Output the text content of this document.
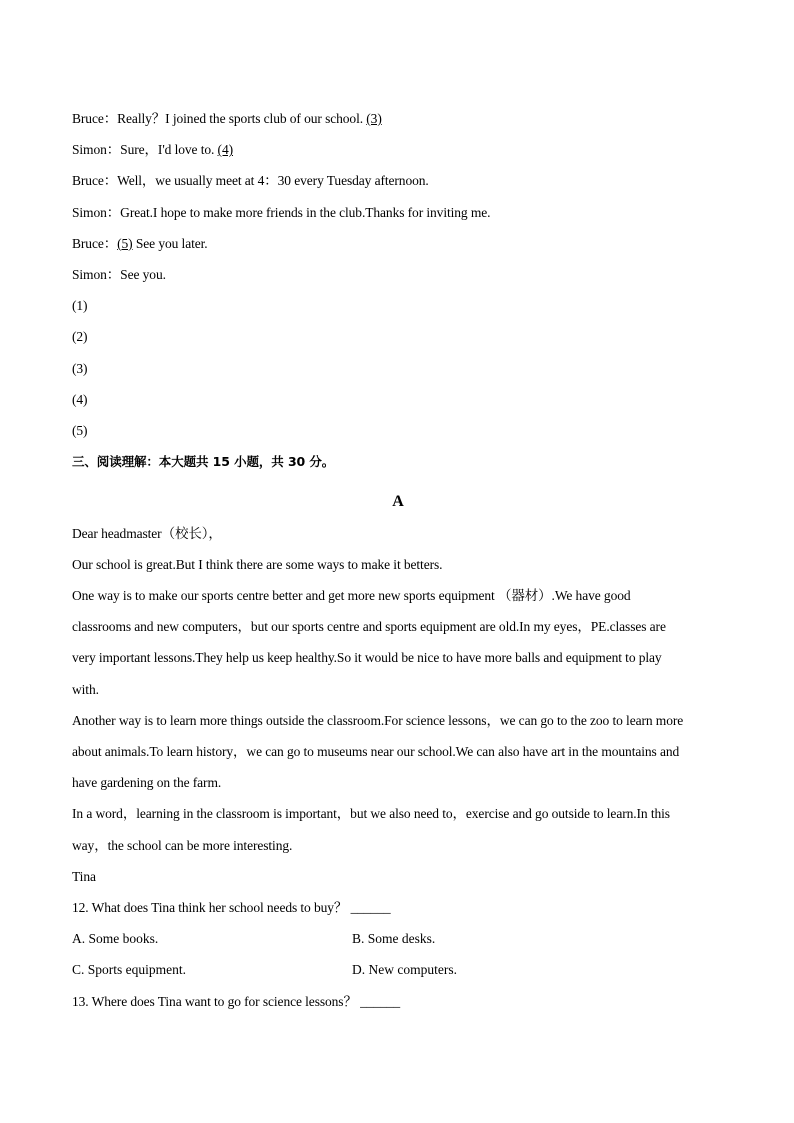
Bruce：Really？I joined the sports club of our school. (3)
Simon：Sure，I'd love to. (4)
Bruce：Well，we usually meet at 4：30 every Tuesday afternoon.
Simon：Great.I hope to make more friends in the club.Thanks for inviting me.
Bruce：(5) See you later.
Simon：See you.
(1)
(2)
(3)
(4)
(5)
三、阅读理解：本大题共 15 小题，共 30 分。
A
Dear headmaster（校长），
Our school is great.But I think there are some ways to make it betters.
One way is to make our sports centre better and get more new sports equipment （器材）.We have good
classrooms and new computers，but our sports centre and sports equipment are old.In my eyes，PE.classes are
very important lessons.They help us keep healthy.So it would be nice to have more balls and equipment to play
with.
Another way is to learn more things outside the classroom.For science lessons，we can go to the zoo to learn more
about animals.To learn history，we can go to museums near our school.We can also have art in the mountains and
have gardening on the farm.
In a word，learning in the classroom is important，but we also need to，exercise and go outside to learn.In this
way，the school can be more interesting.
Tina
12. What does Tina think her school needs to buy？ ______
A. Some books.	B. Some desks.
C. Sports equipment.	D. New computers.
13. Where does Tina want to go for science lessons？ ______
